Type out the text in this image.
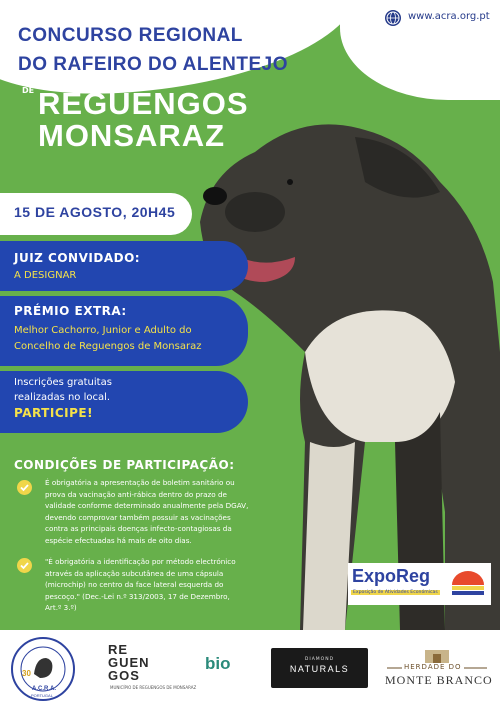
www.acra.org.pt
CONCURSO REGIONAL
DO RAFEIRO DO ALENTEJO
DE REGUENGOS
MONSARAZ
15 DE AGOSTO, 20H45
JUIZ CONVIDADO:
A DESIGNAR
PRÉMIO EXTRA:
Melhor Cachorro, Junior e Adulto do
Concelho de Reguengos de Monsaraz
Inscrições gratuitas
realizadas no local.
PARTICIPE!
CONDIÇÕES DE PARTICIPAÇÃO:
É obrigatória a apresentação de boletim sanitário ou
prova da vacinação anti-rábica dentro do prazo de
validade conforme determinado anualmente pela DGAV,
devendo comprovar também possuir as vacinações
contra as principais doenças infecto-contagiosas da
espécie efectuadas há mais de oito dias.
"É obrigatória a identificação por método electrónico
através da aplicação subcutânea de uma cápsula
(microchip) no centro da face lateral esquerda do
pescoço." (Dec.-Lei n.º 313/2003, 17 de Dezembro,
Art.º 3.º)
ExpoReg
Exposição de Atividades Económicas
30
A.C.R.A.
PORTUGAL
RE
GUEN
GOS
MUNICÍPIO DE REGUENGOS DE MONSARAZ
bio	DIAMOND
NATURALS	HERDADE DO
MONTE BRANCO
